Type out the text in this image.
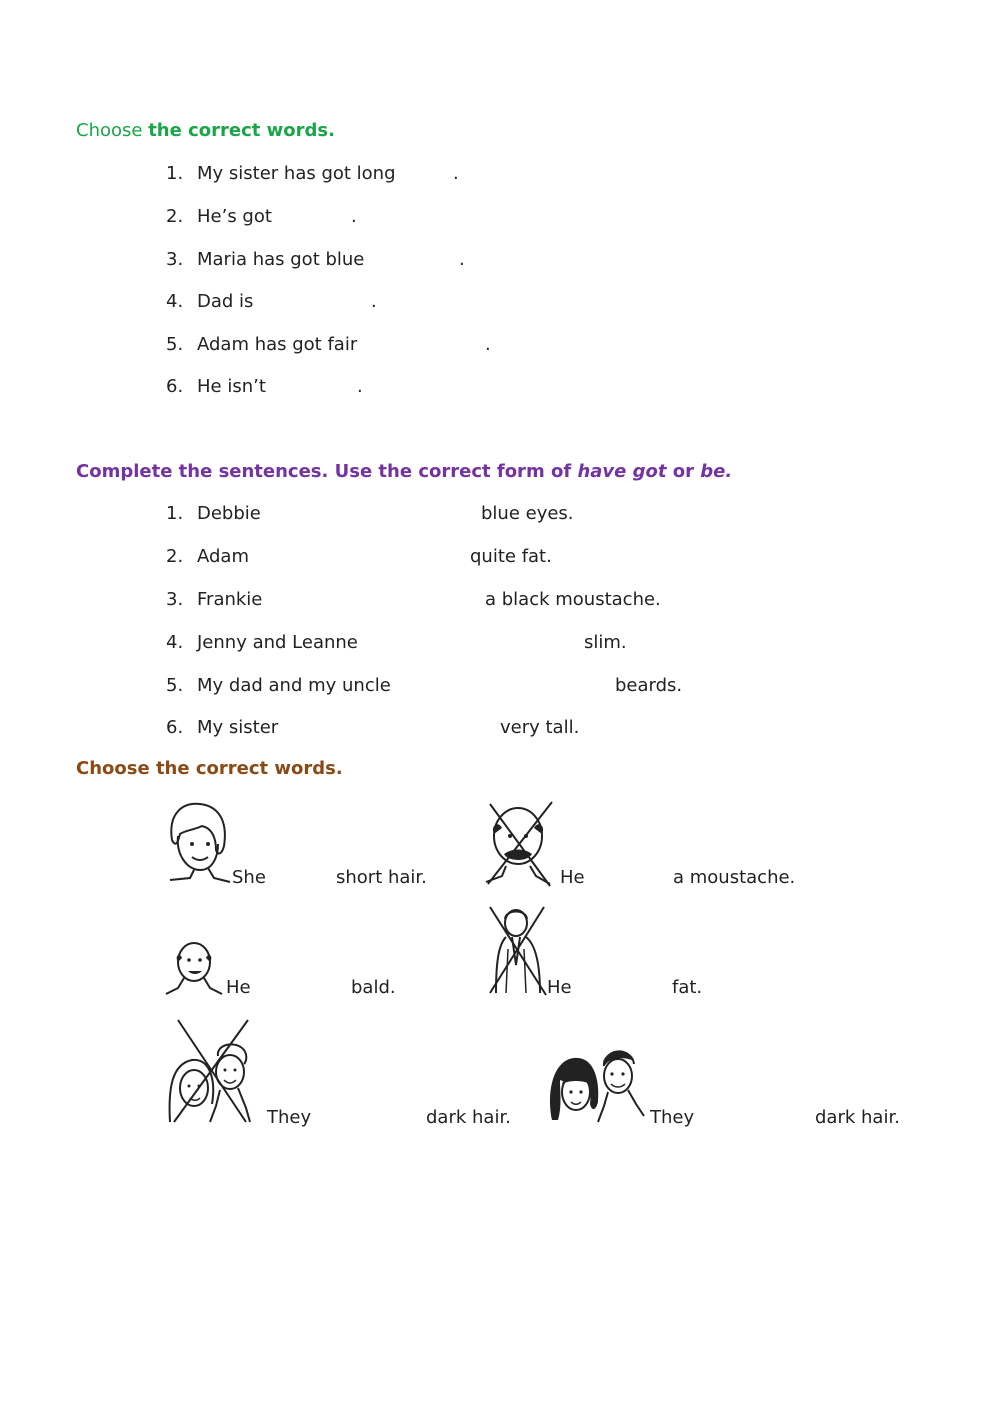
Choose the correct words.
1. My sister has got long	.
2. He’s got	.
3. Maria has got blue	.
4. Dad is	.
5. Adam has got fair	.
6. He isn’t	.
Complete the sentences. Use the correct form of have got or be.
1. Debbie	blue eyes.
2. Adam	quite fat.
3. Frankie	a black moustache.
4. Jenny and Leanne	slim.
5. My dad and my uncle	beards.
6. My sister	very tall.
Choose the correct words.
She	short hair.	He	a moustache.
He	bald.	He	fat.
They	dark hair.	They	dark hair.
